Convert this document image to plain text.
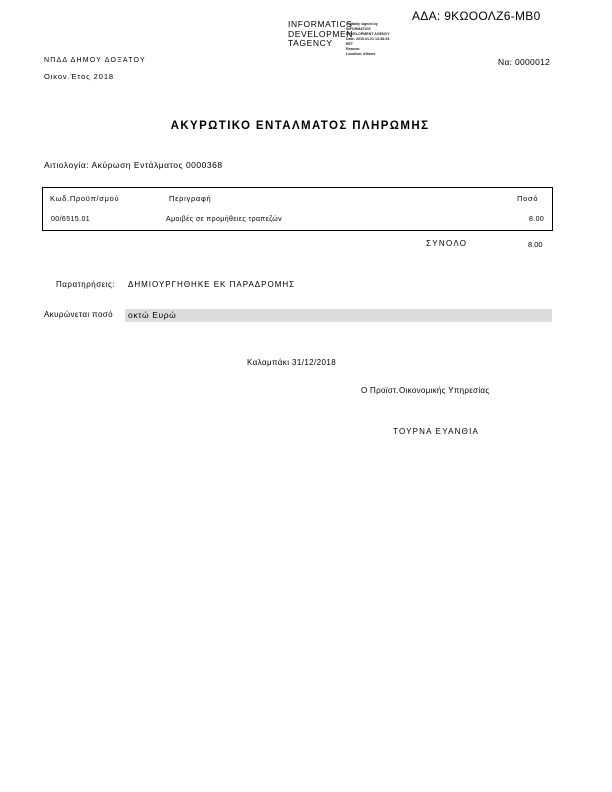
ΑΔΑ: 9ΚΩΟΟΛΖ6-ΜΒ0
INFORMATICS
DEVELOPMEN
TAGENCY
Digitally signed by
INFORMATICS
DEVELOPMENT AGENCY
Date: 2019.01.21 13:38:33
EET
Reason:
Location: Athens
ΝΠΔΔ ΔΗΜΟΥ ΔΟΞΑΤΟΥ
Οικον.Έτος 2018
Να: 0000012
ΑΚΥΡΩΤΙΚΟ ΕΝΤΑΛΜΑΤΟΣ ΠΛΗΡΩΜΗΣ
Αιτιολογία: Ακύρωση Εντάλματος 0000368
Κωδ.Προϋπ/σμού	Περιγραφή	Ποσό
00/6515.01	Αμοιβές σε προμήθειες τραπεζών	8.00
ΣΥΝΟΛΟ	8.00
Παρατηρήσεις: ΔΗΜΙΟΥΡΓΗΘΗΚΕ ΕΚ ΠΑΡΑΔΡΟΜΗΣ
Ακυρώνεται ποσό οκτώ Ευρώ
Καλαμπάκι 31/12/2018
Ο Προϊστ.Οικονομικής Υπηρεσίας
ΤΟΥΡΝΑ ΕΥΑΝΘΙΑ
